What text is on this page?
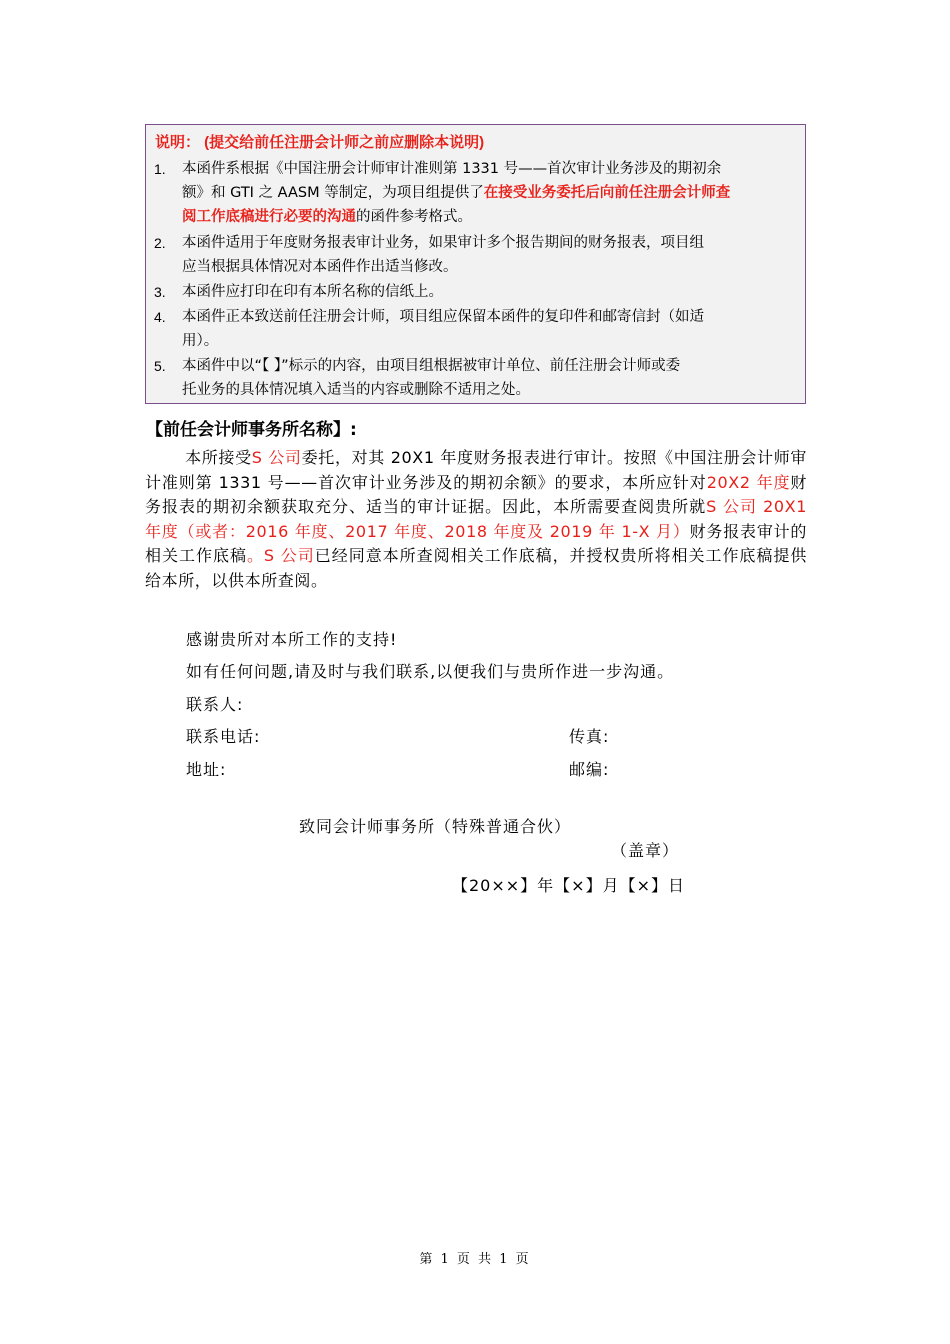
说明： (提交给前任注册会计师之前应删除本说明)
1. 本函件系根据《中国注册会计师审计准则第 1331 号——首次审计业务涉及的期初余
额》和 GTI 之 AASM 等制定，为项目组提供了在接受业务委托后向前任注册会计师查
阅工作底稿进行必要的沟通的函件参考格式。
2. 本函件适用于年度财务报表审计业务，如果审计多个报告期间的财务报表，项目组
应当根据具体情况对本函件作出适当修改。
3. 本函件应打印在印有本所名称的信纸上。
4. 本函件正本致送前任注册会计师，项目组应保留本函件的复印件和邮寄信封（如适
用）。
5. 本函件中以“【 】”标示的内容，由项目组根据被审计单位、前任注册会计师或委
托业务的具体情况填入适当的内容或删除不适用之处。
【前任会计师事务所名称】:
本所接受S 公司委托，对其 20X1 年度财务报表进行审计。按照《中国注册会计师审计准则第 1331 号——首次审计业务涉及的期初余额》的要求，本所应针对20X2 年度财务报表的期初余额获取充分、适当的审计证据。因此，本所需要查阅贵所就S 公司 20X1 年度（或者：2016 年度、2017 年度、2018 年度及 2019 年 1-X 月）财务报表审计的相关工作底稿。S 公司已经同意本所查阅相关工作底稿，并授权贵所将相关工作底稿提供给本所，以供本所查阅。
感谢贵所对本所工作的支持!
如有任何问题,请及时与我们联系,以便我们与贵所作进一步沟通。
联系人:
联系电话:	传真:
地址:	邮编:
致同会计师事务所（特殊普通合伙）
（盖章）
【20××】年【×】月【×】日
第 1 页 共 1 页
